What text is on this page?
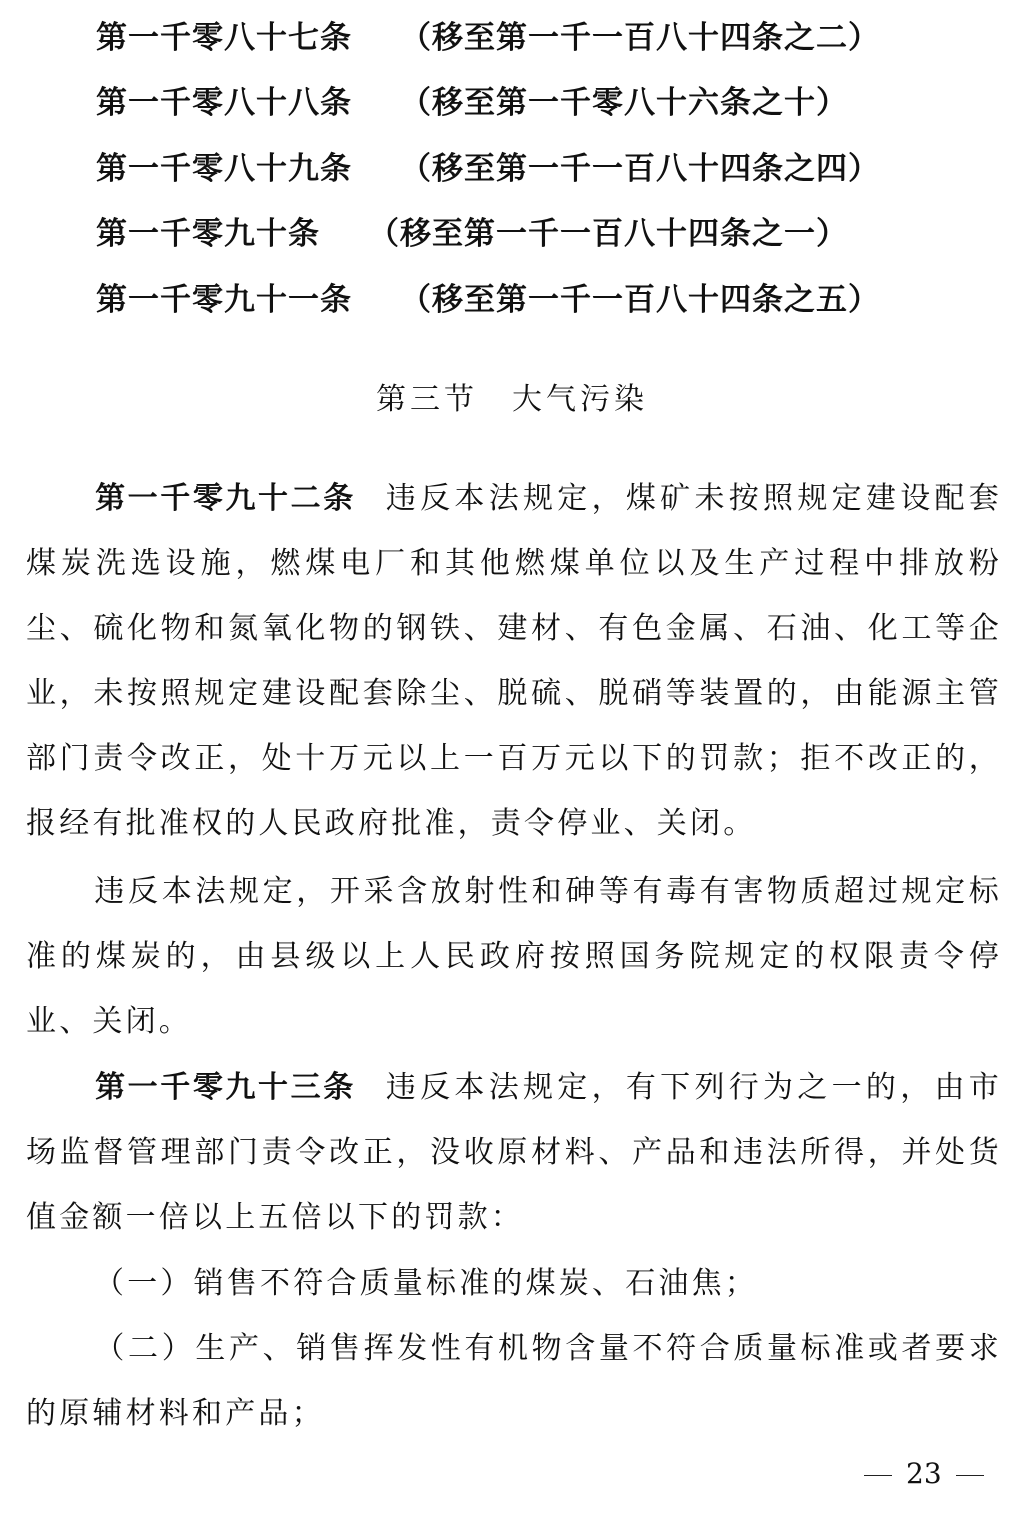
第一千零八十七条 （移至第一千一百八十四条之二）
第一千零八十八条 （移至第一千零八十六条之十）
第一千零八十九条 （移至第一千一百八十四条之四）
第一千零九十条 （移至第一千一百八十四条之一）
第一千零九十一条 （移至第一千一百八十四条之五）
第三节 大气污染
第一千零九十二条 违反本法规定，煤矿未按照规定建设配套煤炭洗选设施，燃煤电厂和其他燃煤单位以及生产过程中排放粉尘、硫化物和氮氧化物的钢铁、建材、有色金属、石油、化工等企业，未按照规定建设配套除尘、脱硫、脱硝等装置的，由能源主管部门责令改正，处十万元以上一百万元以下的罚款；拒不改正的，报经有批准权的人民政府批准，责令停业、关闭。
违反本法规定，开采含放射性和砷等有毒有害物质超过规定标准的煤炭的，由县级以上人民政府按照国务院规定的权限责令停业、关闭。
第一千零九十三条 违反本法规定，有下列行为之一的，由市场监督管理部门责令改正，没收原材料、产品和违法所得，并处货值金额一倍以上五倍以下的罚款：
（一）销售不符合质量标准的煤炭、石油焦；
（二）生产、销售挥发性有机物含量不符合质量标准或者要求的原辅材料和产品；
23
